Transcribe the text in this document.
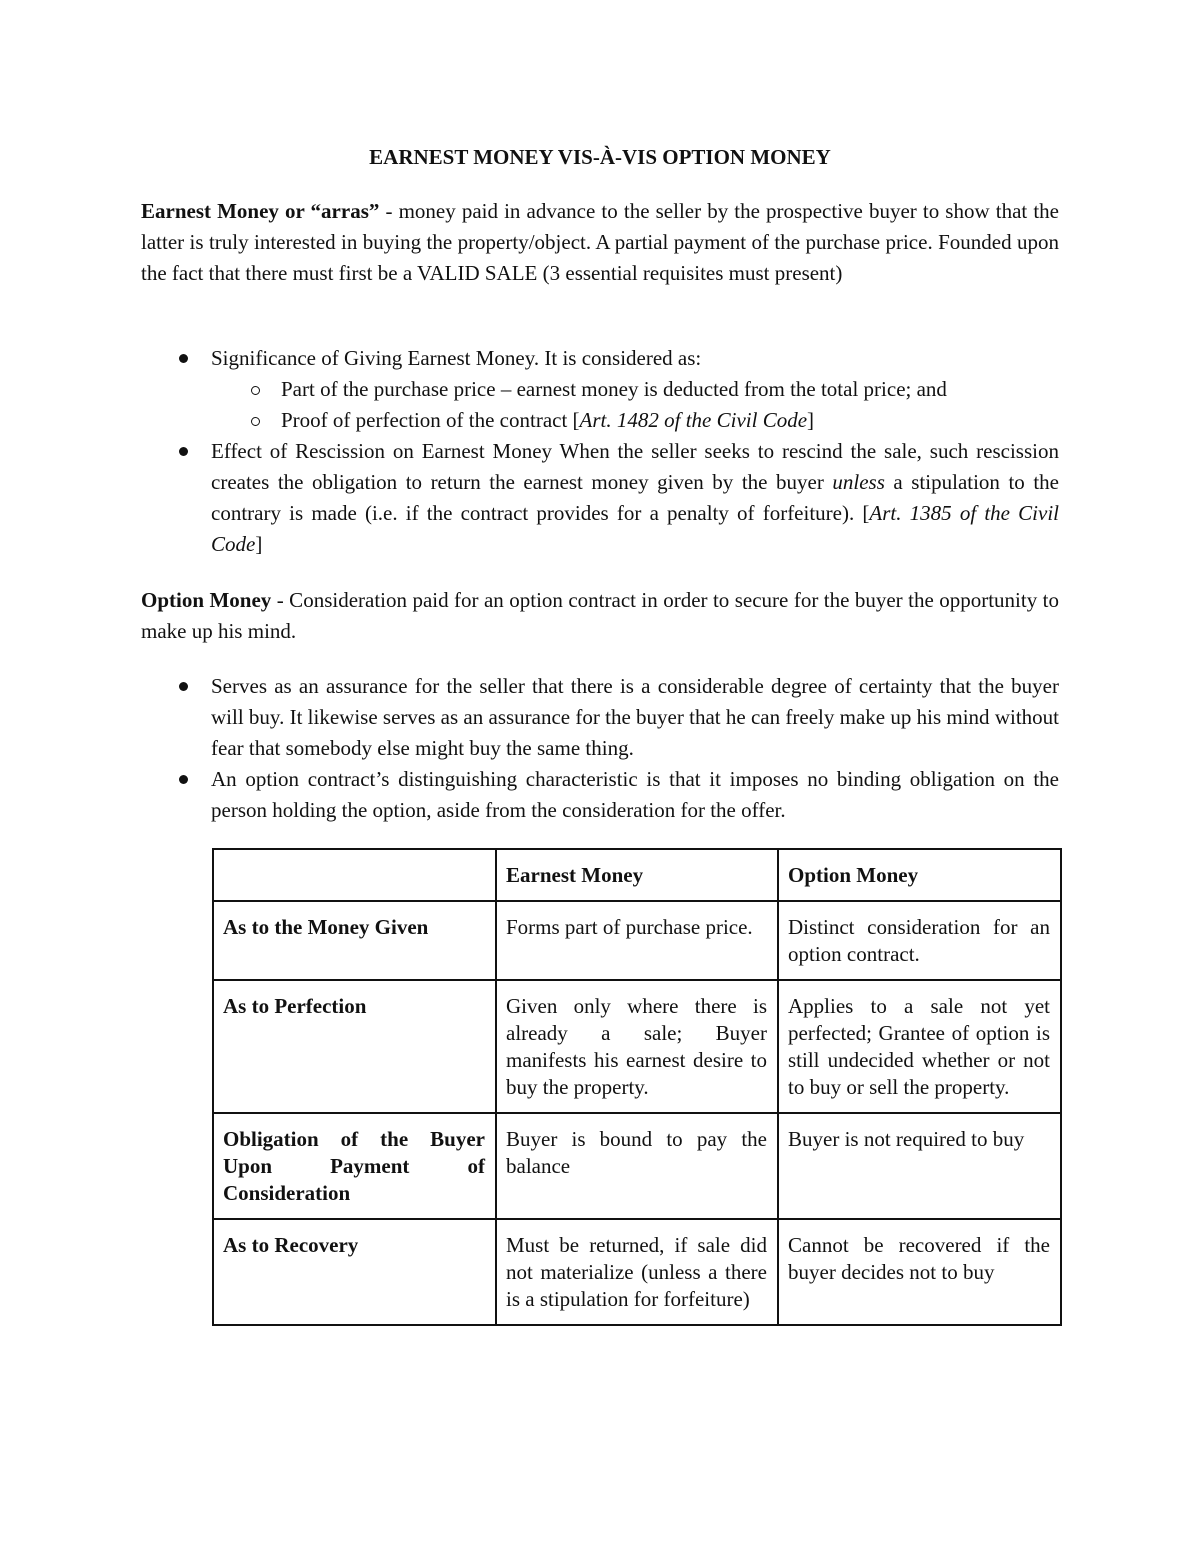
EARNEST MONEY VIS-À-VIS OPTION MONEY

Earnest Money or “arras” - money paid in advance to the seller by the prospective buyer to show that the latter is truly interested in buying the property/object. A partial payment of the purchase price. Founded upon the fact that there must first be a VALID SALE (3 essential requisites must present)

Significance of Giving Earnest Money. It is considered as:
Part of the purchase price – earnest money is deducted from the total price; and
Proof of perfection of the contract [Art. 1482 of the Civil Code]
Effect of Rescission on Earnest Money When the seller seeks to rescind the sale, such rescission creates the obligation to return the earnest money given by the buyer unless a stipulation to the contrary is made (i.e. if the contract provides for a penalty of forfeiture). [Art. 1385 of the Civil Code]

Option Money - Consideration paid for an option contract in order to secure for the buyer the opportunity to make up his mind.

Serves as an assurance for the seller that there is a considerable degree of certainty that the buyer will buy. It likewise serves as an assurance for the buyer that he can freely make up his mind without fear that somebody else might buy the same thing.
An option contract’s distinguishing characteristic is that it imposes no binding obligation on the person holding the option, aside from the consideration for the offer.
	Earnest Money	Option Money
As to the Money Given	Forms part of purchase price.	Distinct consideration for an option contract.
As to Perfection	Given only where there is already a sale; Buyer manifests his earnest desire to buy the property.	Applies to a sale not yet perfected; Grantee of option is still undecided whether or not to buy or sell the property.
Obligation of the Buyer Upon Payment of Consideration	Buyer is bound to pay the balance	Buyer is not required to buy
As to Recovery	Must be returned, if sale did not materialize (unless a there is a stipulation for forfeiture)	Cannot be recovered if the buyer decides not to buy
